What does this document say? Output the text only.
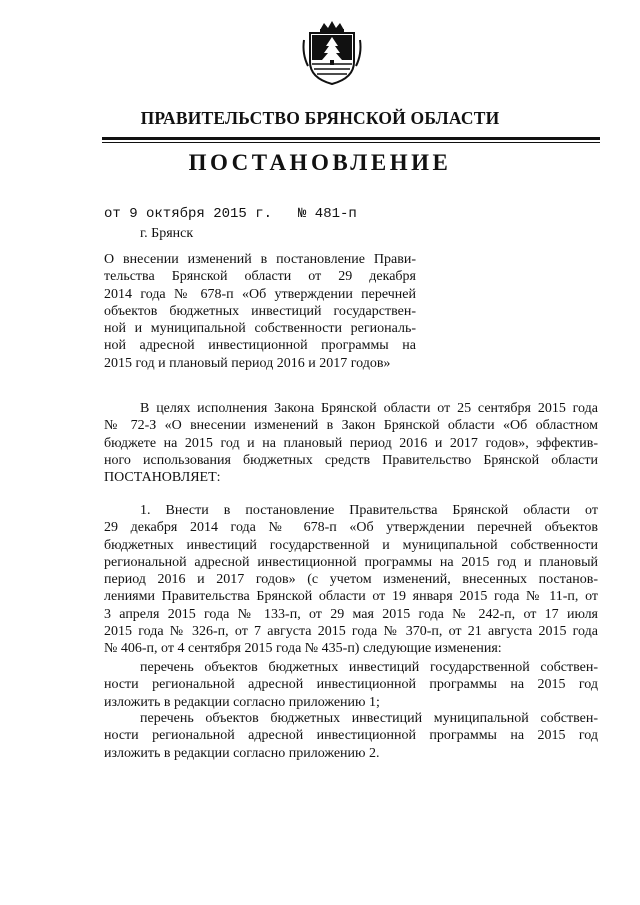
ПРАВИТЕЛЬСТВО БРЯНСКОЙ ОБЛАСТИ
ПОСТАНОВЛЕНИЕ
от 9 октября 2015 г. № 481-п
г. Брянск
О внесении изменений в постановление Прави-
тельства Брянской области от 29 декабря
2014 года № 678-п «Об утверждении перечней
объектов бюджетных инвестиций государствен-
ной и муниципальной собственности региональ-
ной адресной инвестиционной программы на
2015 год и плановый период 2016 и 2017 годов»
В целях исполнения Закона Брянской области от 25 сентября 2015 года
№ 72-З «О внесении изменений в Закон Брянской области «Об областном
бюджете на 2015 год и на плановый период 2016 и 2017 годов», эффектив-
ного использования бюджетных средств Правительство Брянской области
ПОСТАНОВЛЯЕТ:
1. Внести в постановление Правительства Брянской области от
29 декабря 2014 года № 678-п «Об утверждении перечней объектов
бюджетных инвестиций государственной и муниципальной собственности
региональной адресной инвестиционной программы на 2015 год и плановый
период 2016 и 2017 годов» (с учетом изменений, внесенных постанов-
лениями Правительства Брянской области от 19 января 2015 года № 11-п, от
3 апреля 2015 года № 133-п, от 29 мая 2015 года № 242-п, от 17 июля
2015 года № 326-п, от 7 августа 2015 года № 370-п, от 21 августа 2015 года
№ 406-п, от 4 сентября 2015 года № 435-п) следующие изменения:
перечень объектов бюджетных инвестиций государственной собствен-
ности региональной адресной инвестиционной программы на 2015 год
изложить в редакции согласно приложению 1;
перечень объектов бюджетных инвестиций муниципальной собствен-
ности региональной адресной инвестиционной программы на 2015 год
изложить в редакции согласно приложению 2.
